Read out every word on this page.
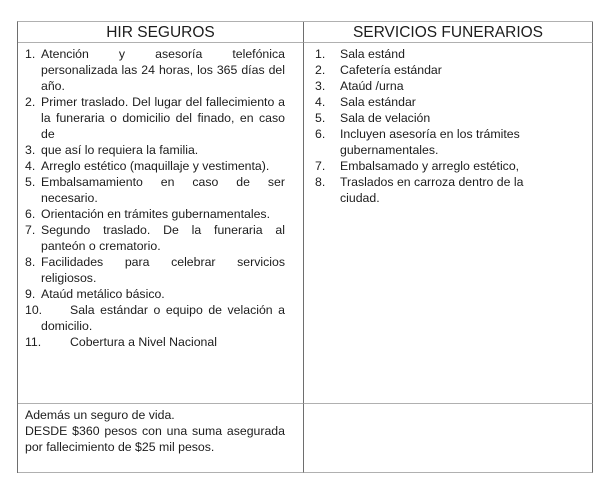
HIR SEGUROS	SERVICIOS FUNERARIOS
1. Atención y asesoría telefónica personalizada las 24 horas, los 365 días del año.
2. Primer traslado. Del lugar del fallecimiento a la funeraria o domicilio del finado, en caso de
3. que así lo requiera la familia.
4. Arreglo estético (maquillaje y vestimenta).
5. Embalsamamiento en caso de ser necesario.
6. Orientación en trámites gubernamentales.
7. Segundo traslado. De la funeraria al panteón o crematorio.
8. Facilidades para celebrar servicios religiosos.
9. Ataúd metálico básico.
10. Sala estándar o equipo de velación a domicilio.
11. Cobertura a Nivel Nacional
1. Sala estánd
2. Cafetería estándar
3. Ataúd /urna
4. Sala estándar
5. Sala de velación
6. Incluyen asesoría en los trámites gubernamentales.
7. Embalsamado y arreglo estético,
8. Traslados en carroza dentro de la ciudad.
Además un seguro de vida.
DESDE $360 pesos con una suma asegurada por fallecimiento de $25 mil pesos.
